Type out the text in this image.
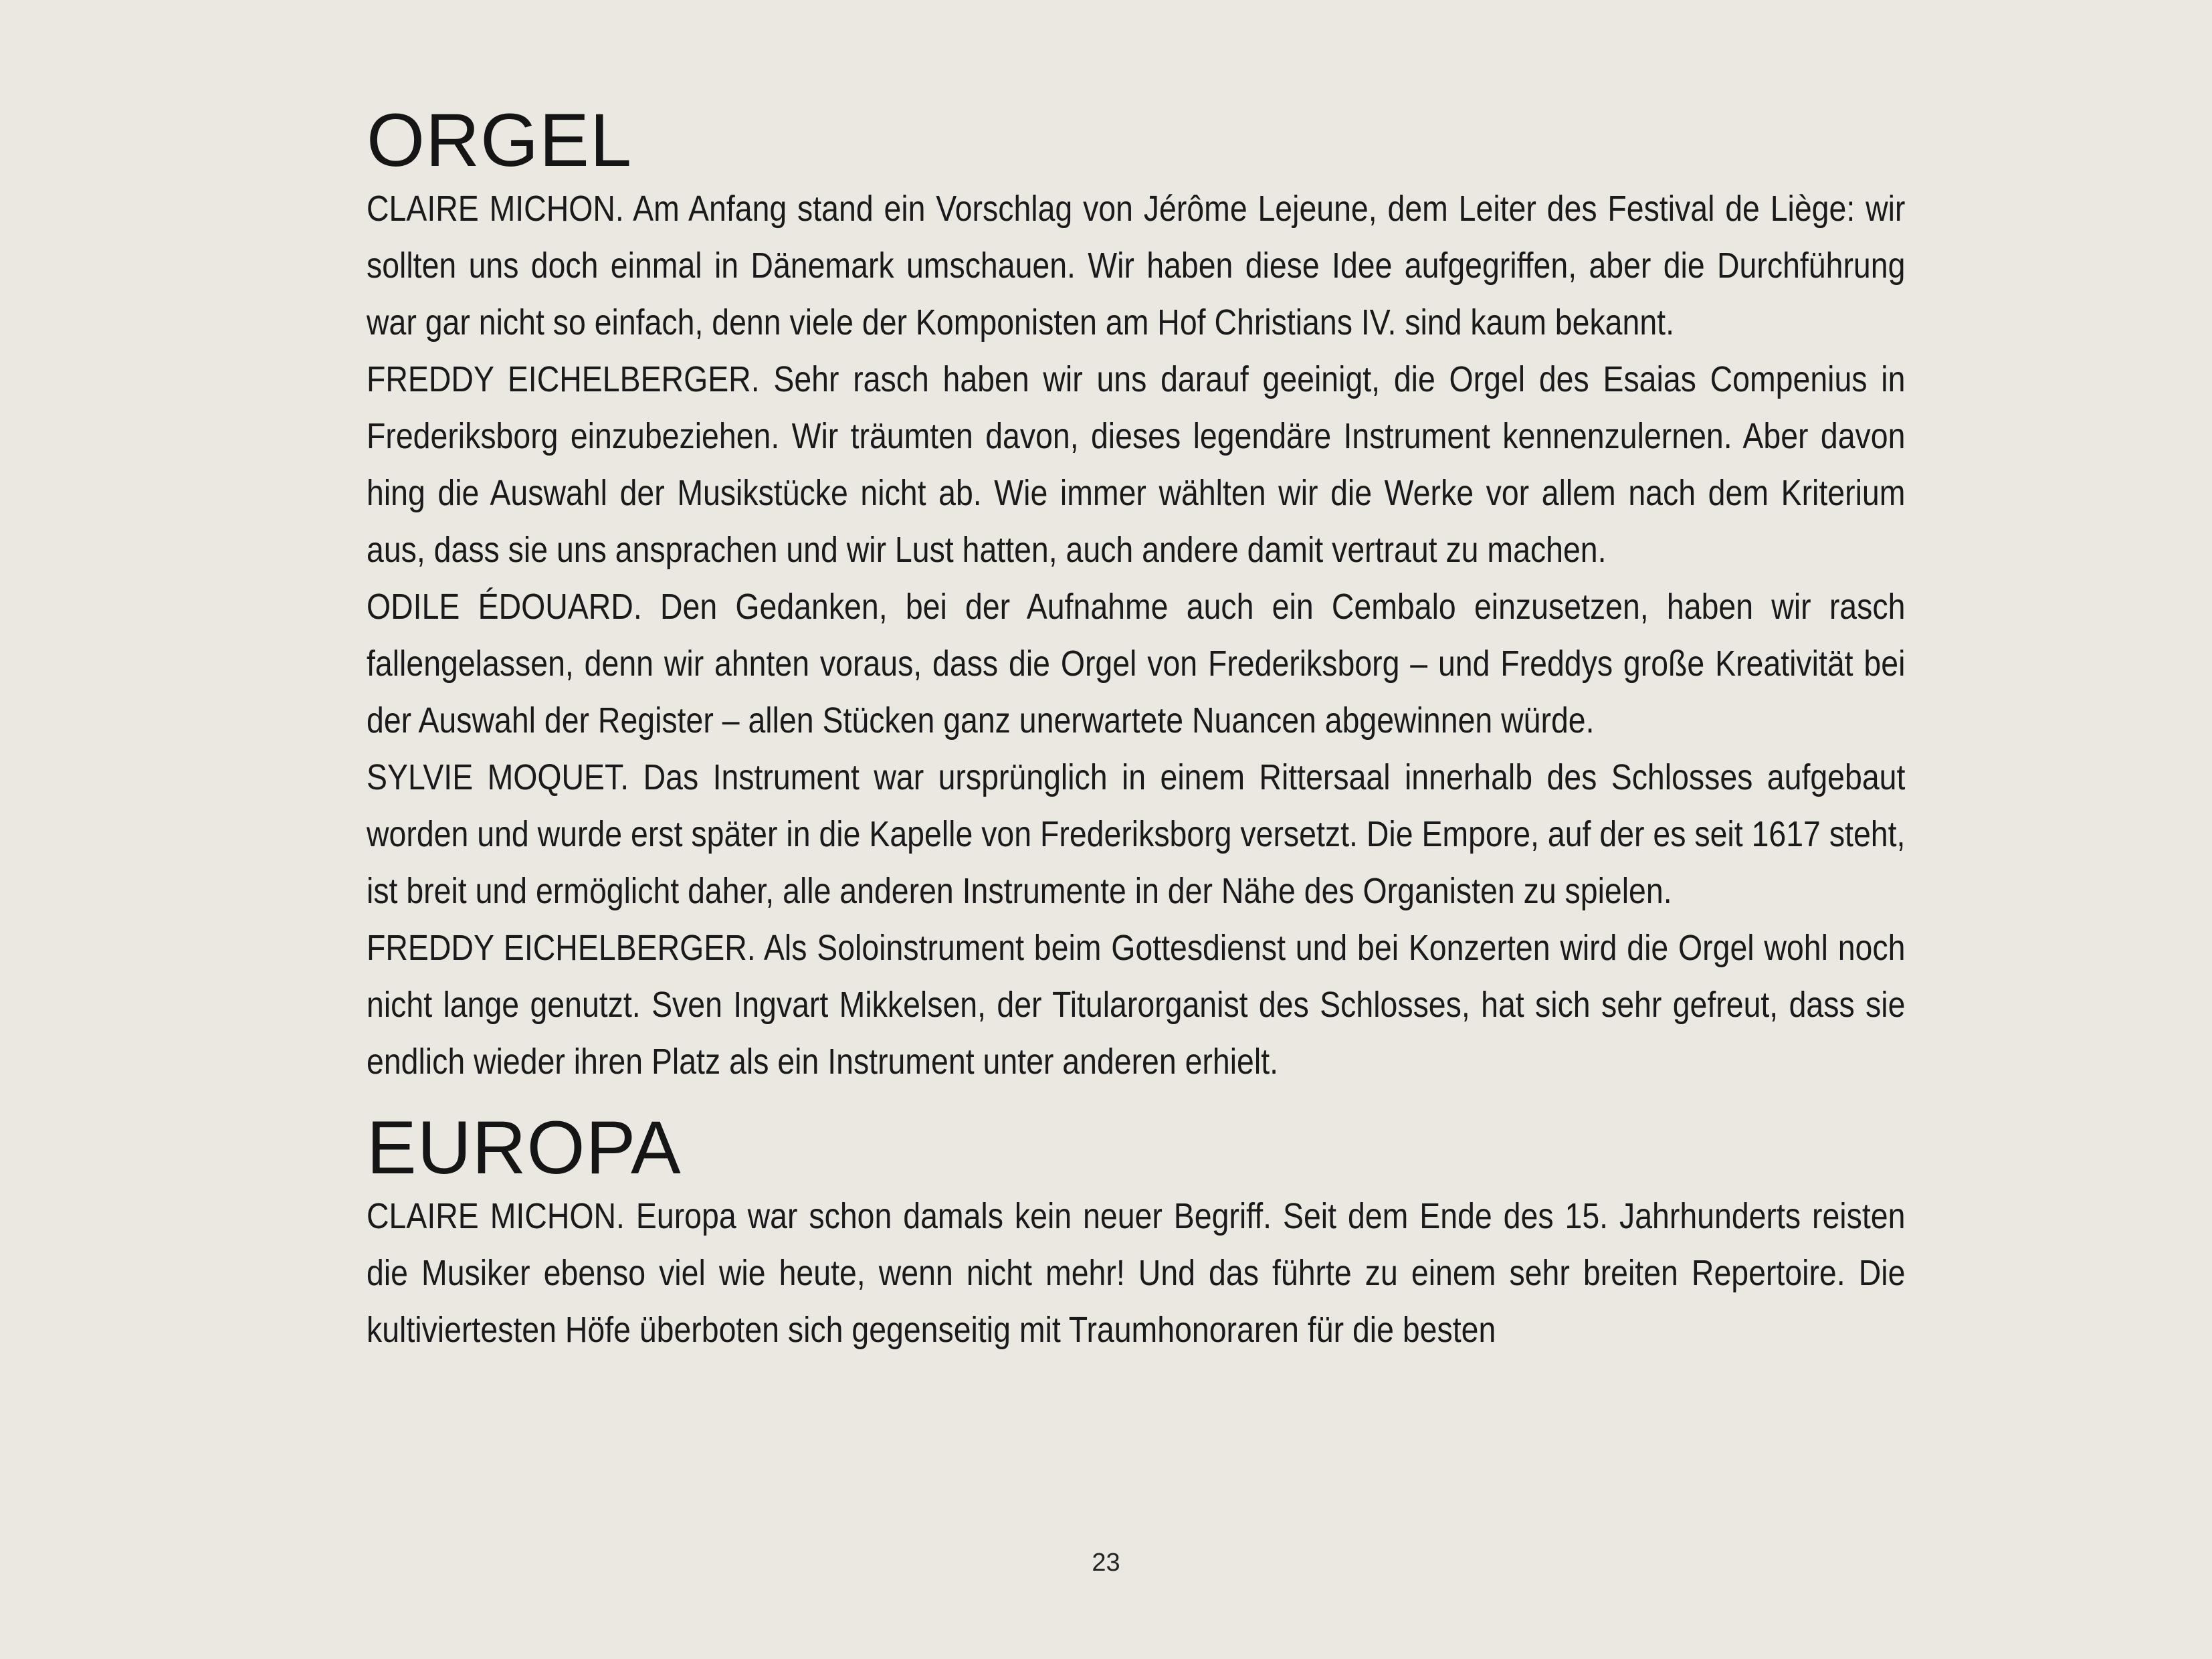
ORGEL

CLAIRE MICHON. Am Anfang stand ein Vorschlag von Jérôme Lejeune, dem Leiter des Festival de Liège: wir sollten uns doch einmal in Dänemark umschauen. Wir haben diese Idee aufgegriffen, aber die Durchführung war gar nicht so einfach, denn viele der Komponisten am Hof Christians IV. sind kaum bekannt.

FREDDY EICHELBERGER. Sehr rasch haben wir uns darauf geeinigt, die Orgel des Esaias Compenius in Frederiksborg einzubeziehen. Wir träumten davon, dieses legendäre Instrument kennenzulernen. Aber davon hing die Auswahl der Musikstücke nicht ab. Wie immer wählten wir die Werke vor allem nach dem Kriterium aus, dass sie uns ansprachen und wir Lust hatten, auch andere damit vertraut zu machen.

ODILE ÉDOUARD. Den Gedanken, bei der Aufnahme auch ein Cembalo einzusetzen, haben wir rasch fallengelassen, denn wir ahnten voraus, dass die Orgel von Frederiksborg – und Freddys große Kreativität bei der Auswahl der Register – allen Stücken ganz unerwartete Nuancen abgewinnen würde.

SYLVIE MOQUET. Das Instrument war ursprünglich in einem Rittersaal innerhalb des Schlosses aufgebaut worden und wurde erst später in die Kapelle von Frederiksborg versetzt. Die Empore, auf der es seit 1617 steht, ist breit und ermöglicht daher, alle anderen Instrumente in der Nähe des Organisten zu spielen.

FREDDY EICHELBERGER. Als Soloinstrument beim Gottesdienst und bei Konzerten wird die Orgel wohl noch nicht lange genutzt. Sven Ingvart Mikkelsen, der Titularorganist des Schlosses, hat sich sehr gefreut, dass sie endlich wieder ihren Platz als ein Instrument unter anderen erhielt.

EUROPA

CLAIRE MICHON. Europa war schon damals kein neuer Begriff. Seit dem Ende des 15. Jahrhunderts reisten die Musiker ebenso viel wie heute, wenn nicht mehr! Und das führte zu einem sehr breiten Repertoire. Die kultiviertesten Höfe überboten sich gegenseitig mit Traumhonoraren für die besten

23
